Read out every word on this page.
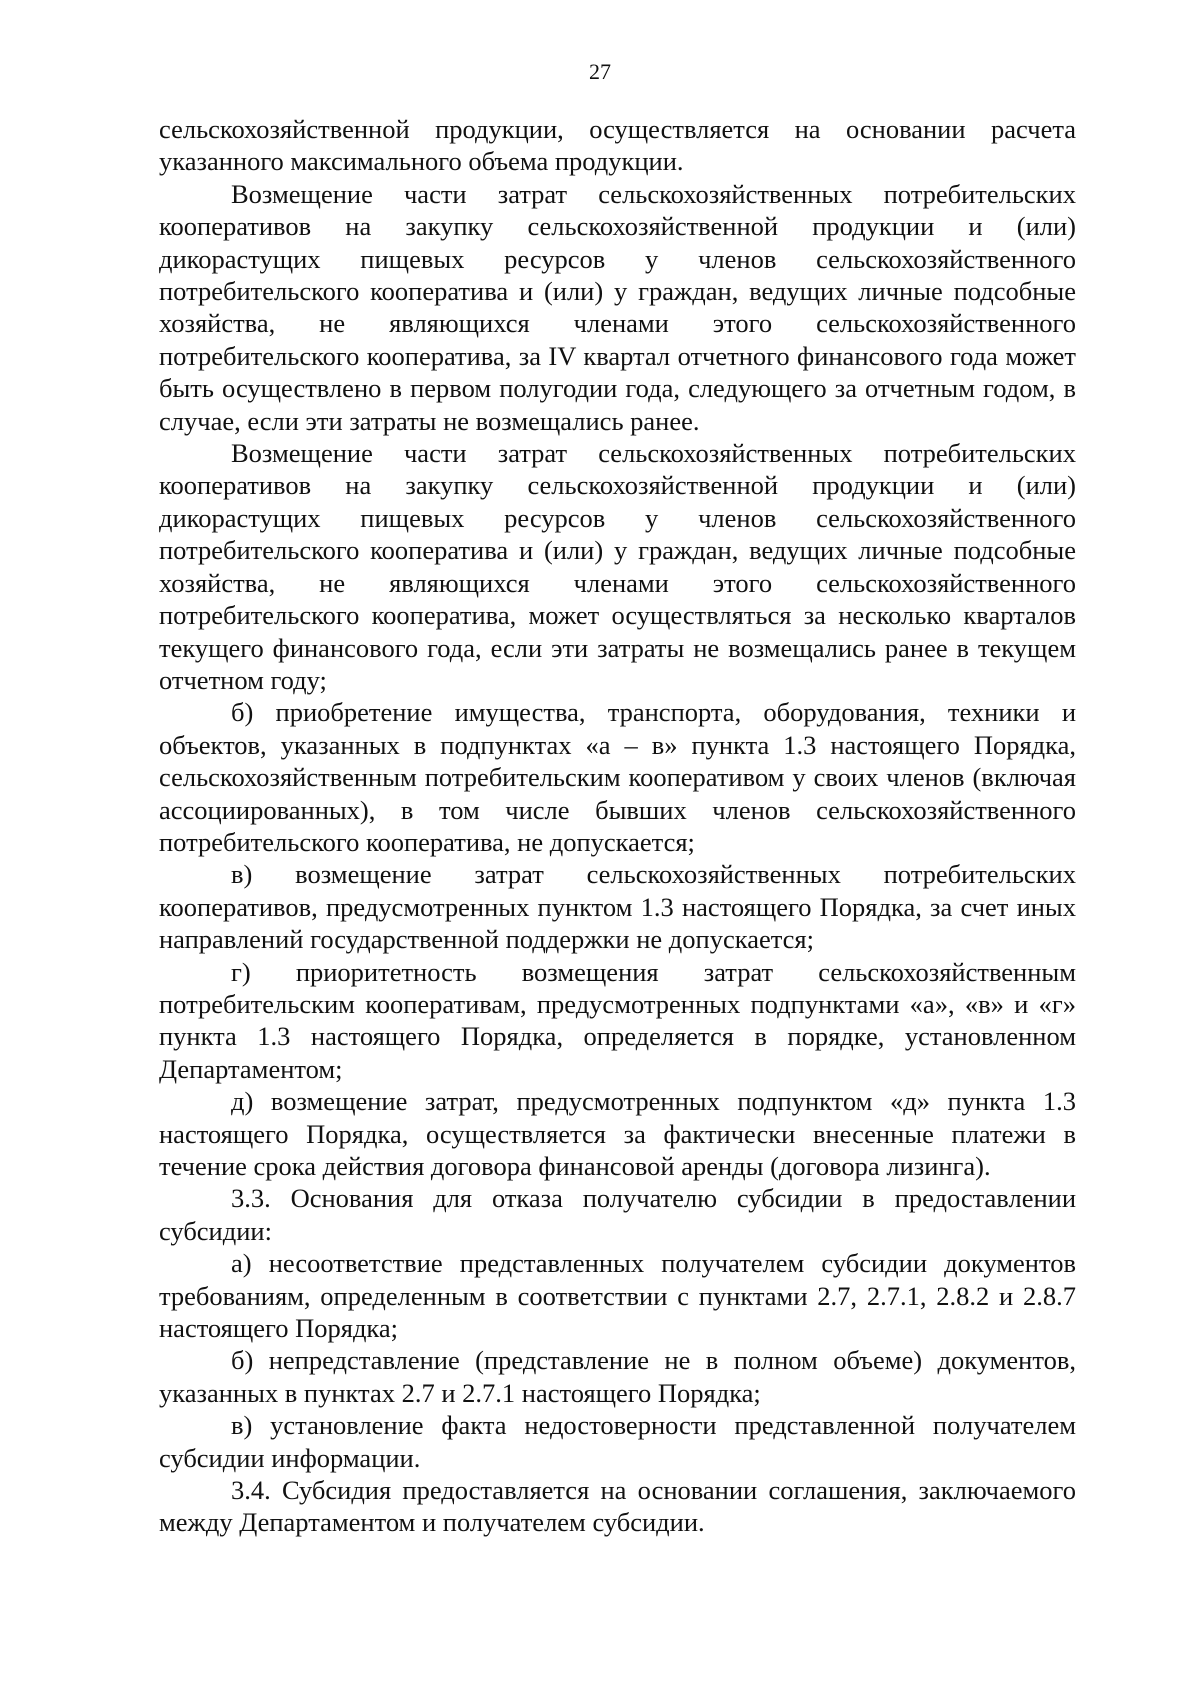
27

сельскохозяйственной продукции, осуществляется на основании расчета указанного максимального объема продукции.

Возмещение части затрат сельскохозяйственных потребительских кооперативов на закупку сельскохозяйственной продукции и (или) дикорастущих пищевых ресурсов у членов сельскохозяйственного потребительского кооператива и (или) у граждан, ведущих личные подсобные хозяйства, не являющихся членами этого сельскохозяйственного потребительского кооператива, за IV квартал отчетного финансового года может быть осуществлено в первом полугодии года, следующего за отчетным годом, в случае, если эти затраты не возмещались ранее.

Возмещение части затрат сельскохозяйственных потребительских кооперативов на закупку сельскохозяйственной продукции и (или) дикорастущих пищевых ресурсов у членов сельскохозяйственного потребительского кооператива и (или) у граждан, ведущих личные подсобные хозяйства, не являющихся членами этого сельскохозяйственного потребительского кооператива, может осуществляться за несколько кварталов текущего финансового года, если эти затраты не возмещались ранее в текущем отчетном году;

б) приобретение имущества, транспорта, оборудования, техники и объектов, указанных в подпунктах «а – в» пункта 1.3 настоящего Порядка, сельскохозяйственным потребительским кооперативом у своих членов (включая ассоциированных), в том числе бывших членов сельскохозяйственного потребительского кооператива, не допускается;

в) возмещение затрат сельскохозяйственных потребительских кооперативов, предусмотренных пунктом 1.3 настоящего Порядка, за счет иных направлений государственной поддержки не допускается;

г) приоритетность возмещения затрат сельскохозяйственным потребительским кооперативам, предусмотренных подпунктами «а», «в» и «г» пункта 1.3 настоящего Порядка, определяется в порядке, установленном Департаментом;

д) возмещение затрат, предусмотренных подпунктом «д» пункта 1.3 настоящего Порядка, осуществляется за фактически внесенные платежи в течение срока действия договора финансовой аренды (договора лизинга).

3.3. Основания для отказа получателю субсидии в предоставлении субсидии:

а) несоответствие представленных получателем субсидии документов требованиям, определенным в соответствии с пунктами 2.7, 2.7.1, 2.8.2 и 2.8.7 настоящего Порядка;

б) непредставление (представление не в полном объеме) документов, указанных в пунктах 2.7 и 2.7.1 настоящего Порядка;

в) установление факта недостоверности представленной получателем субсидии информации.

3.4. Субсидия предоставляется на основании соглашения, заключаемого между Департаментом и получателем субсидии.
